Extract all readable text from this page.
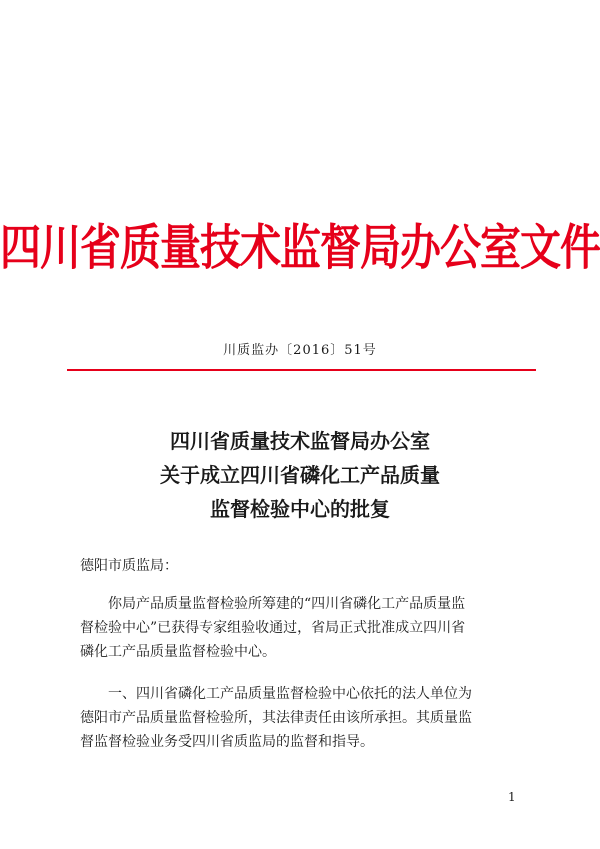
四川省质量技术监督局办公室文件
川质监办〔2016〕51号
四川省质量技术监督局办公室
关于成立四川省磷化工产品质量
监督检验中心的批复
德阳市质监局：
你局产品质量监督检验所筹建的“四川省磷化工产品质量监
督检验中心”已获得专家组验收通过，省局正式批准成立四川省
磷化工产品质量监督检验中心。
一、四川省磷化工产品质量监督检验中心依托的法人单位为
德阳市产品质量监督检验所，其法律责任由该所承担。其质量监
督监督检验业务受四川省质监局的监督和指导。
1
